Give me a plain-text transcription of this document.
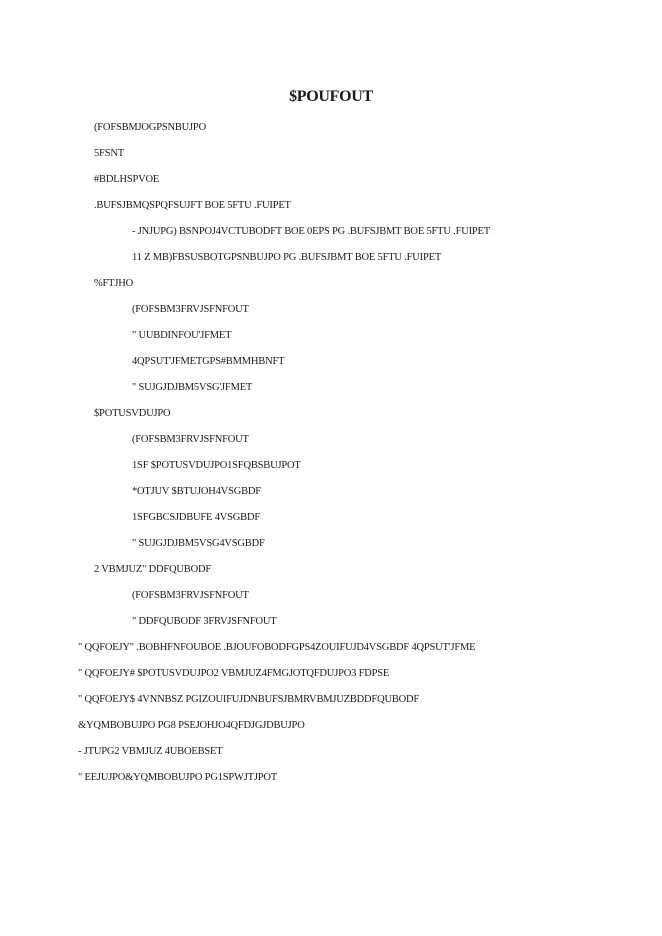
$POUFOUT
(FOFSBMJOGPSNBUJPO
5FSNT
#BDLHSPVOE
.BUFSJBMQSPQFSUJFT BOE 5FTU .FUIPET
- JNJUPG) BSNPOJ4VCTUBODFT BOE 0EPS PG .BUFSJBMT BOE 5FTU .FUIPET
11 Z MB)FBSUSBOTGPSNBUJPO PG .BUFSJBMT BOE 5FTU .FUIPET
%FTJHO
(FOFSBM3FRVJSFNFOUT
" UUBDINFOU'JFMET
4QPSUT'JFMETGPS#BMMHBNFT
" SUJGJDJBM5VSG'JFMET
$POTUSVDUJPO
(FOFSBM3FRVJSFNFOUT
1SF $POTUSVDUJPO1SFQBSBUJPOT
*OTJUV $BTUJOH4VSGBDF
1SFGBCSJDBUFE 4VSGBDF
" SUJGJDJBM5VSG4VSGBDF
2 VBMJUZ" DDFQUBODF
(FOFSBM3FRVJSFNFOUT
" DDFQUBODF 3FRVJSFNFOUT
" QQFOEJY" .BOBHFNFOUBOE .BJOUFOBODFGPS4ZOUIFUJD4VSGBDF 4QPSUT'JFME
" QQFOEJY# $POTUSVDUJPO2 VBMJUZ4FMGJOTQFDUJPO3 FDPSE
" QQFOEJY$ 4VNNBSZ PGIZOUIFUJDNBUFSJBMRVBMJUZBDDFQUBODF
&YQMBOBUJPO PG8 PSEJOHJO4QFDJGJDBUJPO
- JTUPG2 VBMJUZ 4UBOEBSET
" EEJUJPO&YQMBOBUJPO PG1SPWJTJPOT
